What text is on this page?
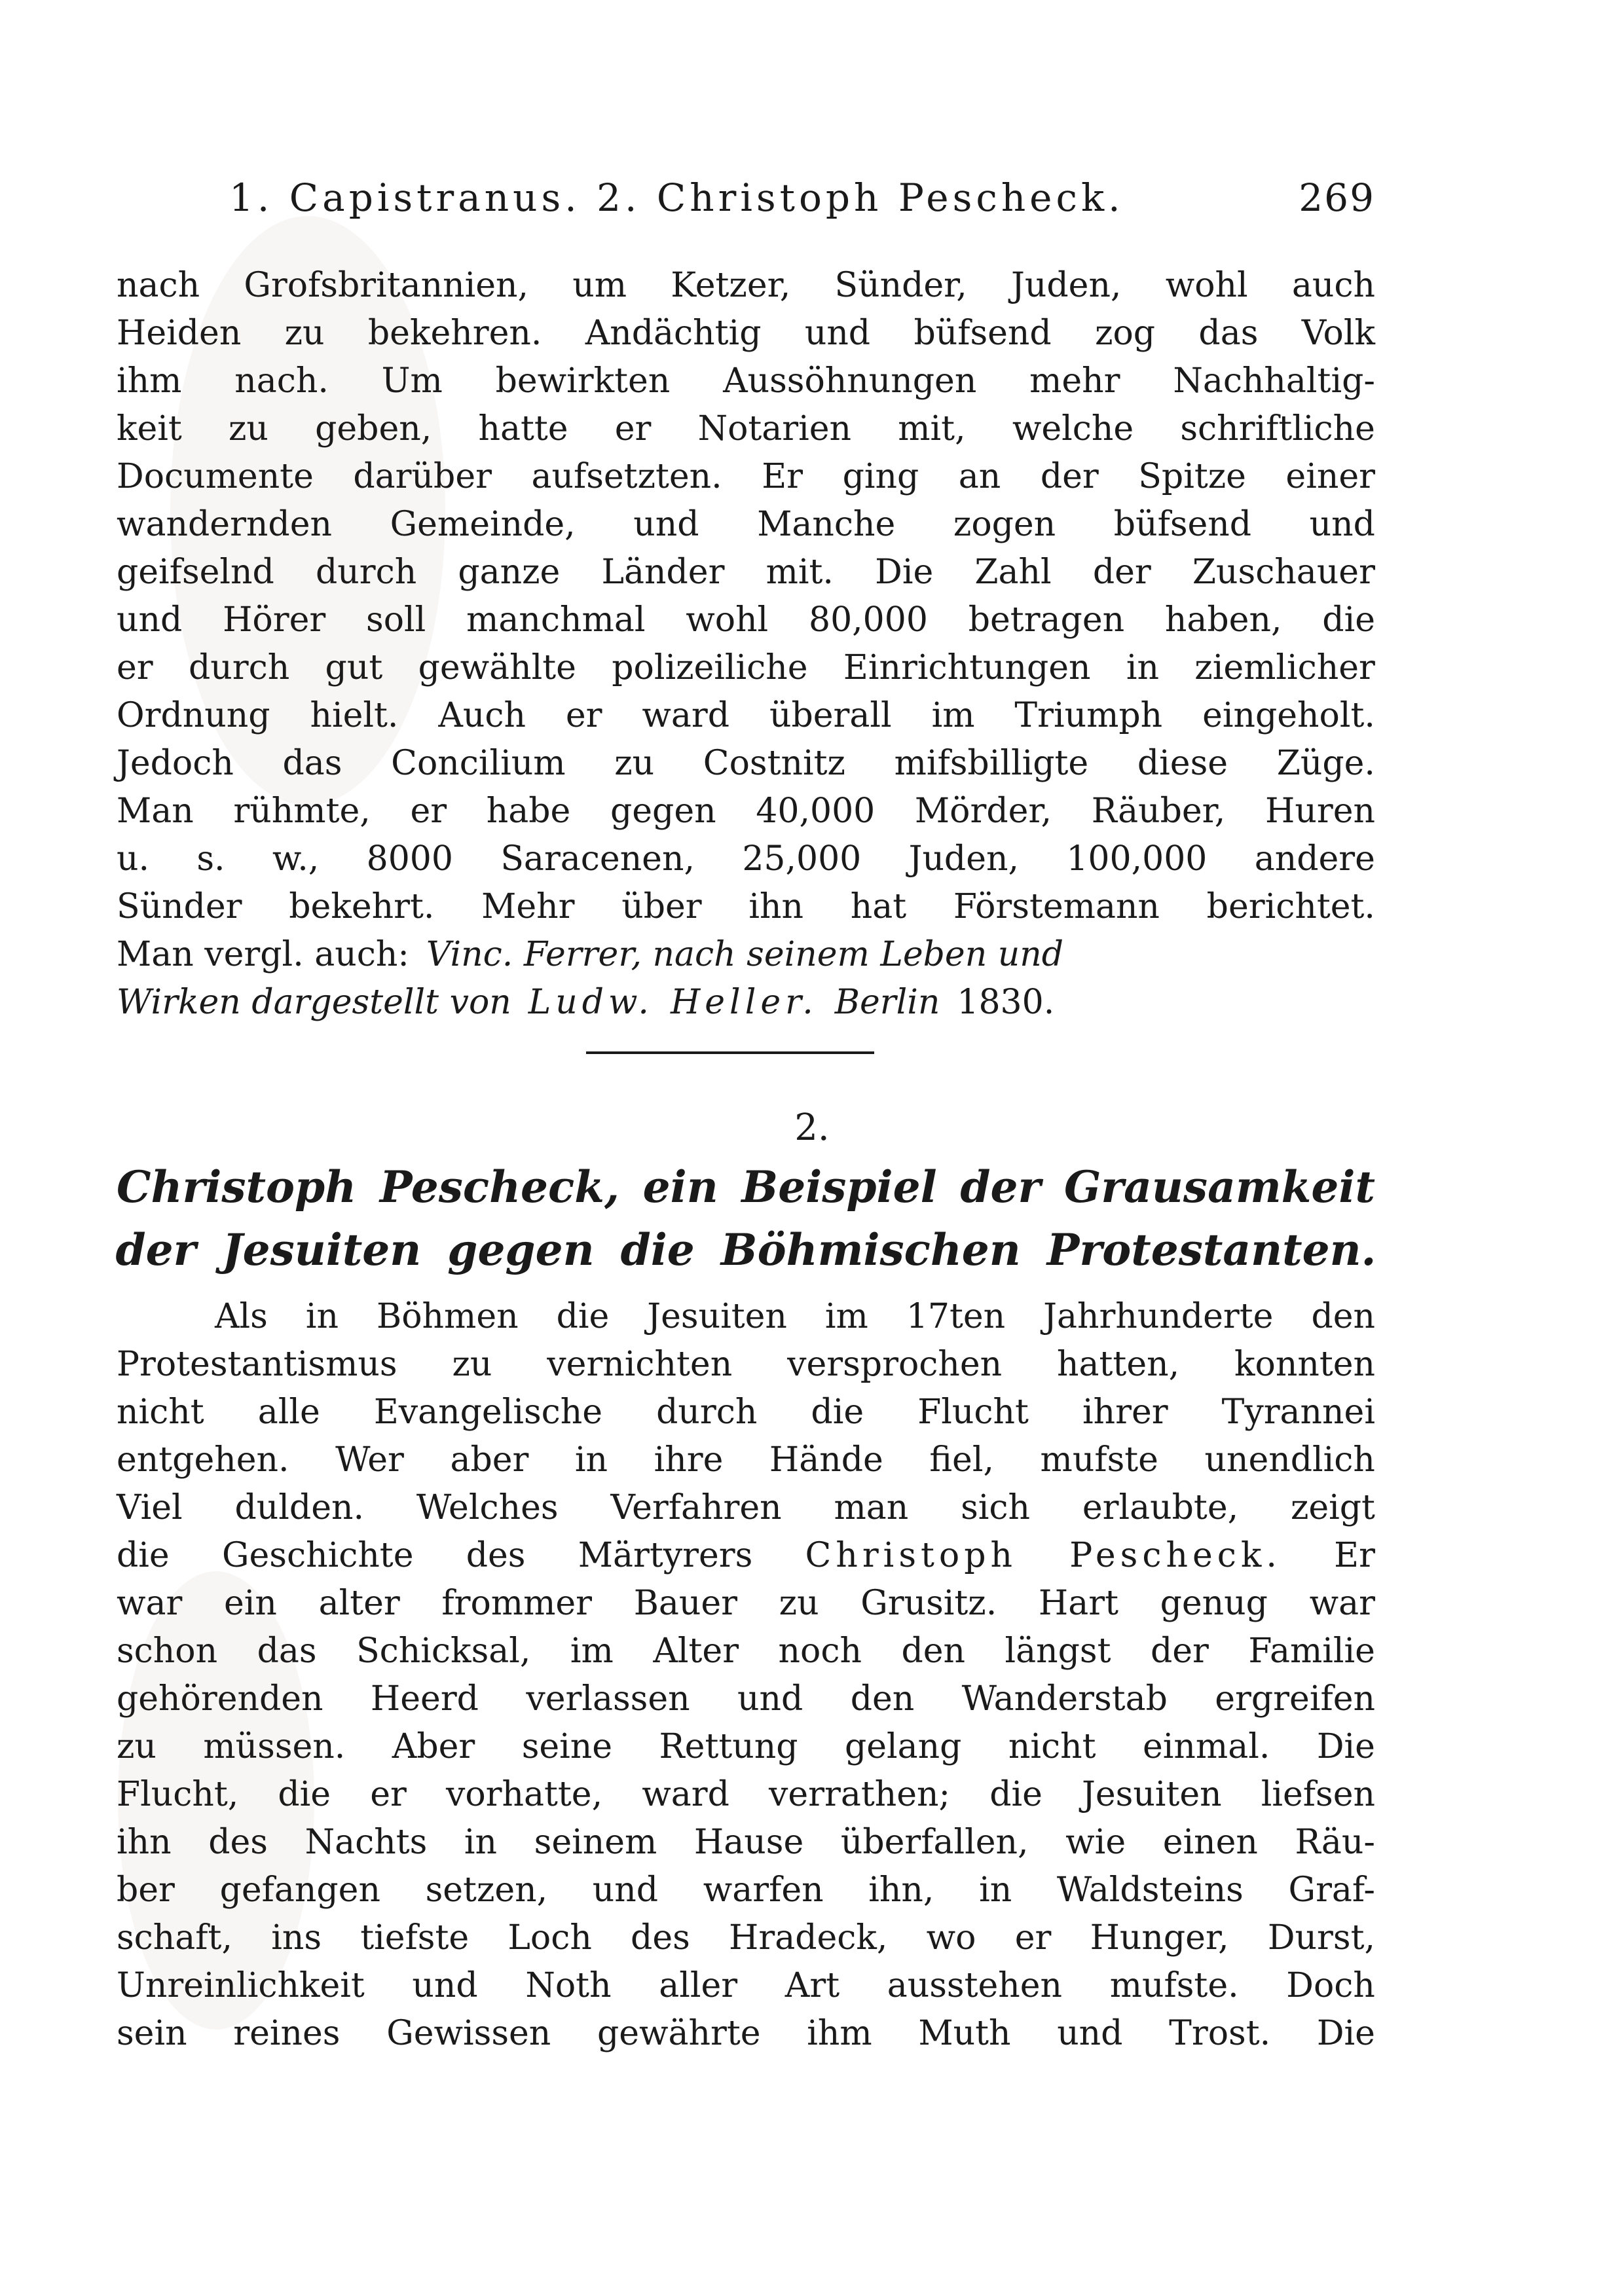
1. Capistranus. 2. Christoph Pescheck.	269
nach Grofsbritannien, um Ketzer, Sünder, Juden, wohl auch
Heiden zu bekehren. Andächtig und büfsend zog das Volk
ihm nach. Um bewirkten Aussöhnungen mehr Nachhaltig-
keit zu geben, hatte er Notarien mit, welche schriftliche
Documente darüber aufsetzten. Er ging an der Spitze einer
wandernden Gemeinde, und Manche zogen büfsend und
geifselnd durch ganze Länder mit. Die Zahl der Zuschauer
und Hörer soll manchmal wohl 80,000 betragen haben, die
er durch gut gewählte polizeiliche Einrichtungen in ziemlicher
Ordnung hielt. Auch er ward überall im Triumph eingeholt.
Jedoch das Concilium zu Costnitz mifsbilligte diese Züge.
Man rühmte, er habe gegen 40,000 Mörder, Räuber, Huren
u. s. w., 8000 Saracenen, 25,000 Juden, 100,000 andere
Sünder bekehrt. Mehr über ihn hat Förstemann berichtet.
Man vergl. auch: Vinc. Ferrer, nach seinem Leben und
Wirken dargestellt von Ludw. Heller. Berlin 1830.
2.
Christoph Pescheck, ein Beispiel der Grausamkeit
der Jesuiten gegen die Böhmischen Protestanten.
Als in Böhmen die Jesuiten im 17ten Jahrhunderte den
Protestantismus zu vernichten versprochen hatten, konnten
nicht alle Evangelische durch die Flucht ihrer Tyrannei
entgehen. Wer aber in ihre Hände fiel, mufste unendlich
Viel dulden. Welches Verfahren man sich erlaubte, zeigt
die Geschichte des Märtyrers Christoph Pescheck. Er
war ein alter frommer Bauer zu Grusitz. Hart genug war
schon das Schicksal, im Alter noch den längst der Familie
gehörenden Heerd verlassen und den Wanderstab ergreifen
zu müssen. Aber seine Rettung gelang nicht einmal. Die
Flucht, die er vorhatte, ward verrathen; die Jesuiten liefsen
ihn des Nachts in seinem Hause überfallen, wie einen Räu-
ber gefangen setzen, und warfen ihn, in Waldsteins Graf-
schaft, ins tiefste Loch des Hradeck, wo er Hunger, Durst,
Unreinlichkeit und Noth aller Art ausstehen mufste. Doch
sein reines Gewissen gewährte ihm Muth und Trost. Die
